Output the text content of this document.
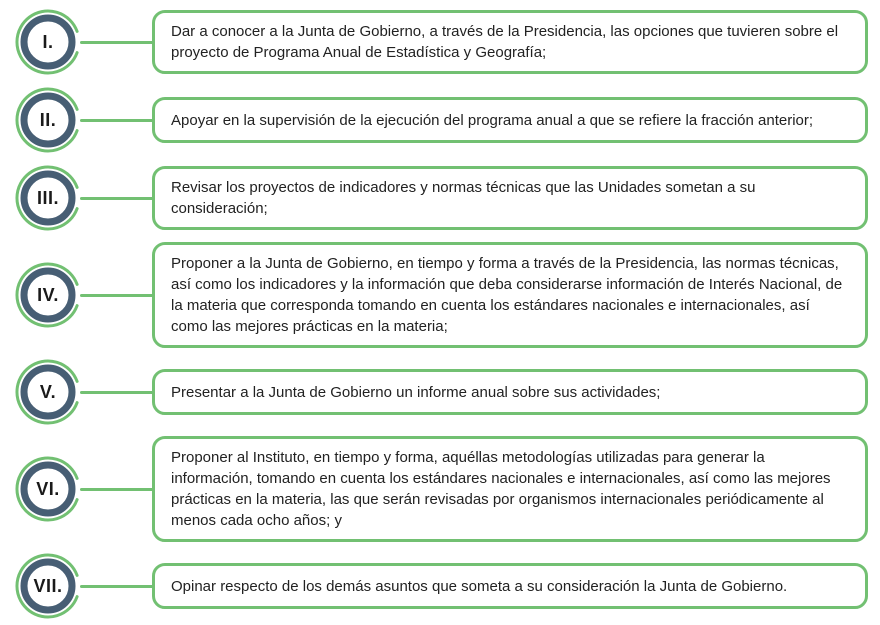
I.	Dar a conocer a la Junta de Gobierno, a través de la Presidencia, las opciones que tuvieren sobre el proyecto de Programa Anual de Estadística y Geografía;

II.	Apoyar en la supervisión de la ejecución del programa anual a que se refiere la fracción anterior;

III.	Revisar los proyectos de indicadores y normas técnicas que las Unidades sometan a su consideración;

IV.

Proponer a la Junta de Gobierno, en tiempo y forma a través de la Presidencia, las normas técnicas, así como los indicadores y la información que deba considerarse información de Interés Nacional, de la materia que corresponda tomando en cuenta los estándares nacionales e internacionales, así como las mejores prácticas en la materia;

V.	Presentar a la Junta de Gobierno un informe anual sobre sus actividades;

VI.

Proponer al Instituto, en tiempo y forma, aquéllas metodologías utilizadas para generar la información, tomando en cuenta los estándares nacionales e internacionales, así como las mejores prácticas en la materia, las que serán revisadas por organismos internacionales periódicamente al menos cada ocho años; y

VII.	Opinar respecto de los demás asuntos que someta a su consideración la Junta de Gobierno.
